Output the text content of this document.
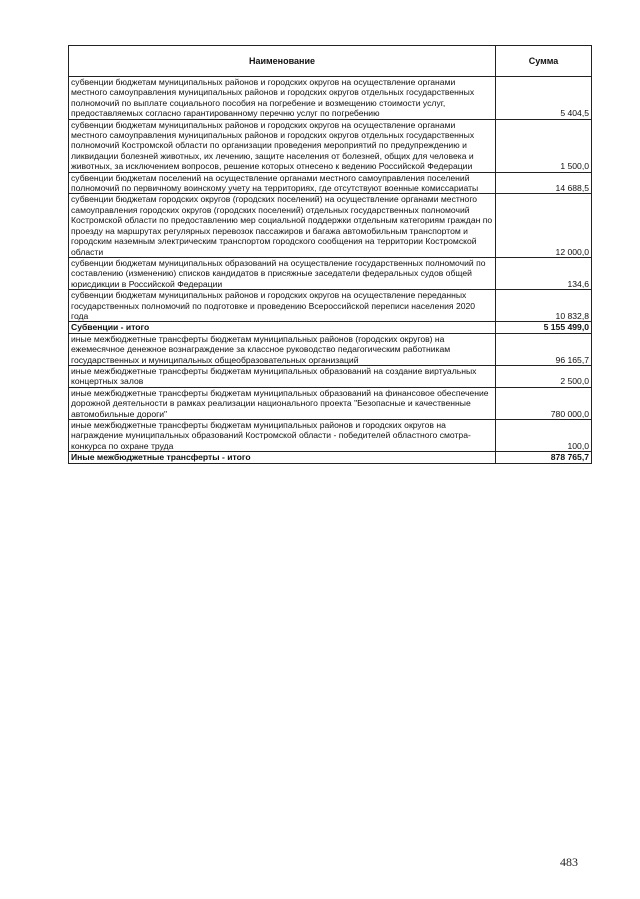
Наименование	Сумма
субвенции бюджетам муниципальных районов и городских округов на осуществление органами местного самоуправления муниципальных районов и городских округов отдельных государственных полномочий по выплате социального пособия на погребение и возмещению стоимости услуг, предоставляемых согласно гарантированному перечню услуг по погребению	5 404,5
субвенции бюджетам муниципальных районов и городских округов на осуществление органами местного самоуправления муниципальных районов и городских округов отдельных государственных полномочий Костромской области по организации проведения мероприятий по предупреждению и ликвидации болезней животных, их лечению, защите населения от болезней, общих для человека и животных, за исключением вопросов, решение которых отнесено к ведению Российской Федерации	1 500,0
субвенции бюджетам поселений на осуществление органами местного самоуправления поселений полномочий по первичному воинскому учету на территориях, где отсутствуют военные комиссариаты	14 688,5
субвенции бюджетам городских округов (городских поселений) на осуществление органами местного самоуправления городских округов (городских поселений) отдельных государственных полномочий Костромской области по предоставлению мер социальной поддержки отдельным категориям граждан по проезду на маршрутах регулярных перевозок пассажиров и багажа автомобильным транспортом и городским наземным электрическим транспортом городского сообщения на территории Костромской области	12 000,0
субвенции бюджетам муниципальных образований на осуществление государственных полномочий по составлению (изменению) списков кандидатов в присяжные заседатели федеральных судов общей юрисдикции в Российской Федерации	134,6
субвенции бюджетам муниципальных районов и городских округов на осуществление переданных государственных полномочий по подготовке и проведению Всероссийской переписи населения 2020 года	10 832,8
Субвенции - итого	5 155 499,0
иные межбюджетные трансферты бюджетам муниципальных районов (городских округов) на ежемесячное денежное вознаграждение за классное руководство педагогическим работникам государственных и муниципальных общеобразовательных организаций	96 165,7
иные межбюджетные трансферты бюджетам муниципальных образований на создание виртуальных концертных залов	2 500,0
иные межбюджетные трансферты бюджетам муниципальных образований на финансовое обеспечение дорожной деятельности в рамках реализации национального проекта "Безопасные и качественные автомобильные дороги"	780 000,0
иные межбюджетные трансферты бюджетам муниципальных районов и городских округов на награждение муниципальных образований Костромской области - победителей областного смотра-конкурса по охране труда	100,0
Иные межбюджетные трансферты - итого	878 765,7
483
